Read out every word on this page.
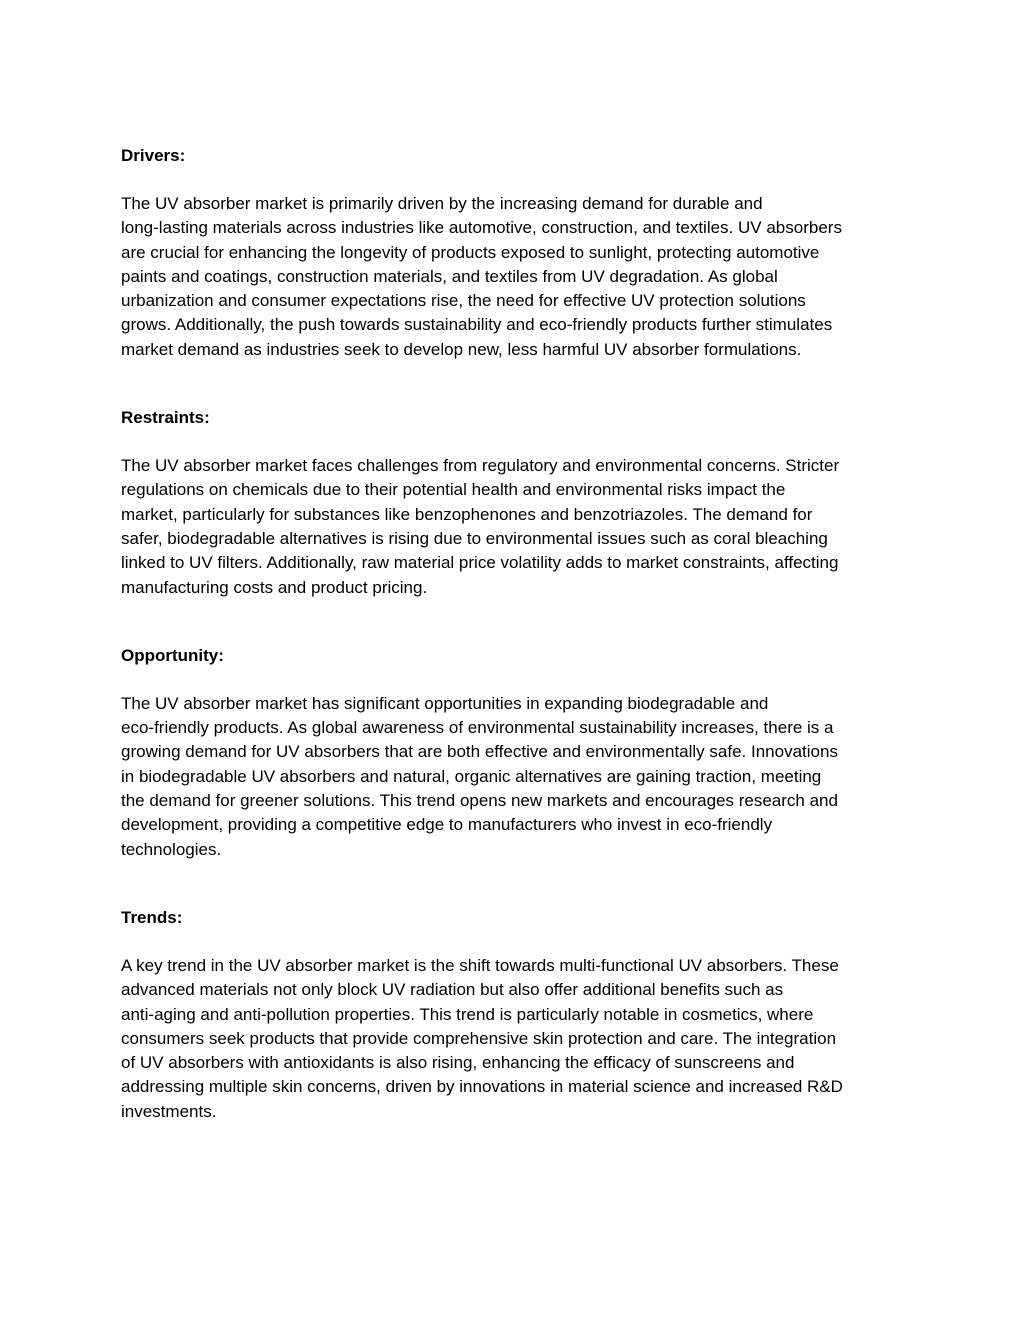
Drivers:

The UV absorber market is primarily driven by the increasing demand for durable and
long-lasting materials across industries like automotive, construction, and textiles. UV absorbers
are crucial for enhancing the longevity of products exposed to sunlight, protecting automotive
paints and coatings, construction materials, and textiles from UV degradation. As global
urbanization and consumer expectations rise, the need for effective UV protection solutions
grows. Additionally, the push towards sustainability and eco-friendly products further stimulates
market demand as industries seek to develop new, less harmful UV absorber formulations.

Restraints:

The UV absorber market faces challenges from regulatory and environmental concerns. Stricter
regulations on chemicals due to their potential health and environmental risks impact the
market, particularly for substances like benzophenones and benzotriazoles. The demand for
safer, biodegradable alternatives is rising due to environmental issues such as coral bleaching
linked to UV filters. Additionally, raw material price volatility adds to market constraints, affecting
manufacturing costs and product pricing.

Opportunity:

The UV absorber market has significant opportunities in expanding biodegradable and
eco-friendly products. As global awareness of environmental sustainability increases, there is a
growing demand for UV absorbers that are both effective and environmentally safe. Innovations
in biodegradable UV absorbers and natural, organic alternatives are gaining traction, meeting
the demand for greener solutions. This trend opens new markets and encourages research and
development, providing a competitive edge to manufacturers who invest in eco-friendly
technologies.

Trends:

A key trend in the UV absorber market is the shift towards multi-functional UV absorbers. These
advanced materials not only block UV radiation but also offer additional benefits such as
anti-aging and anti-pollution properties. This trend is particularly notable in cosmetics, where
consumers seek products that provide comprehensive skin protection and care. The integration
of UV absorbers with antioxidants is also rising, enhancing the efficacy of sunscreens and
addressing multiple skin concerns, driven by innovations in material science and increased R&D
investments.
